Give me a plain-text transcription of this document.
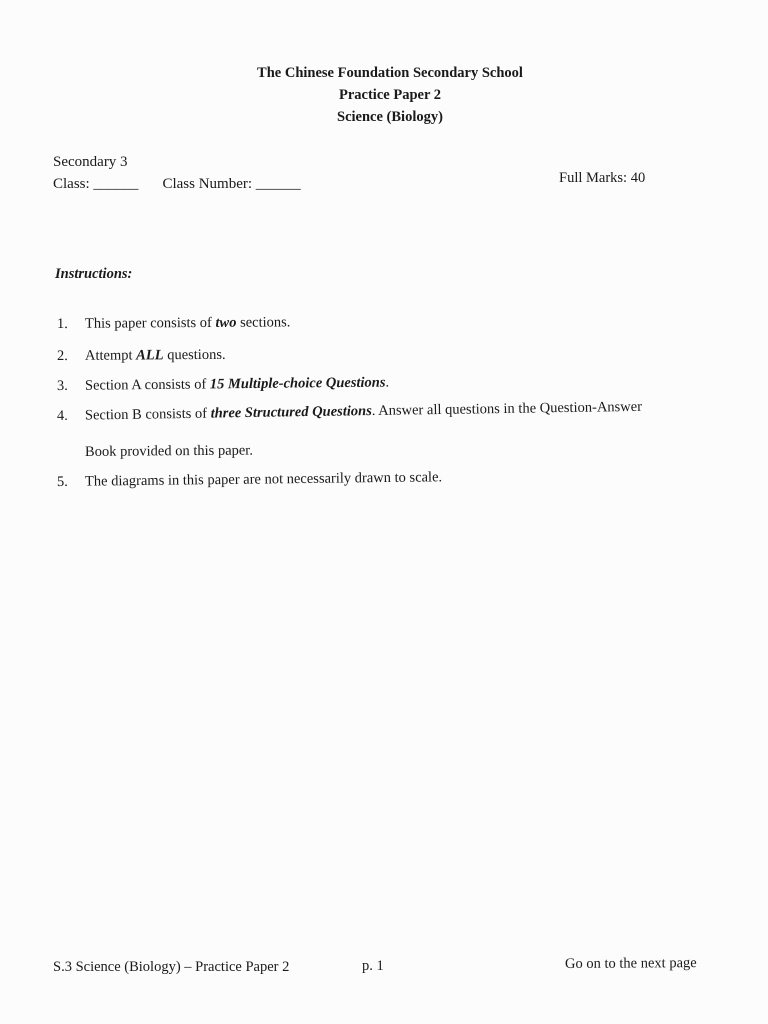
The Chinese Foundation Secondary School
Practice Paper 2
Science (Biology)
Secondary 3
Class: ______ Class Number: ______	Full Marks: 40
Instructions:
1. This paper consists of two sections.
2. Attempt ALL questions.
3. Section A consists of 15 Multiple-choice Questions.
4. Section B consists of three Structured Questions. Answer all questions in the Question-Answer
Book provided on this paper.
5. The diagrams in this paper are not necessarily drawn to scale.
S.3 Science (Biology) – Practice Paper 2	p. 1	Go on to the next page
